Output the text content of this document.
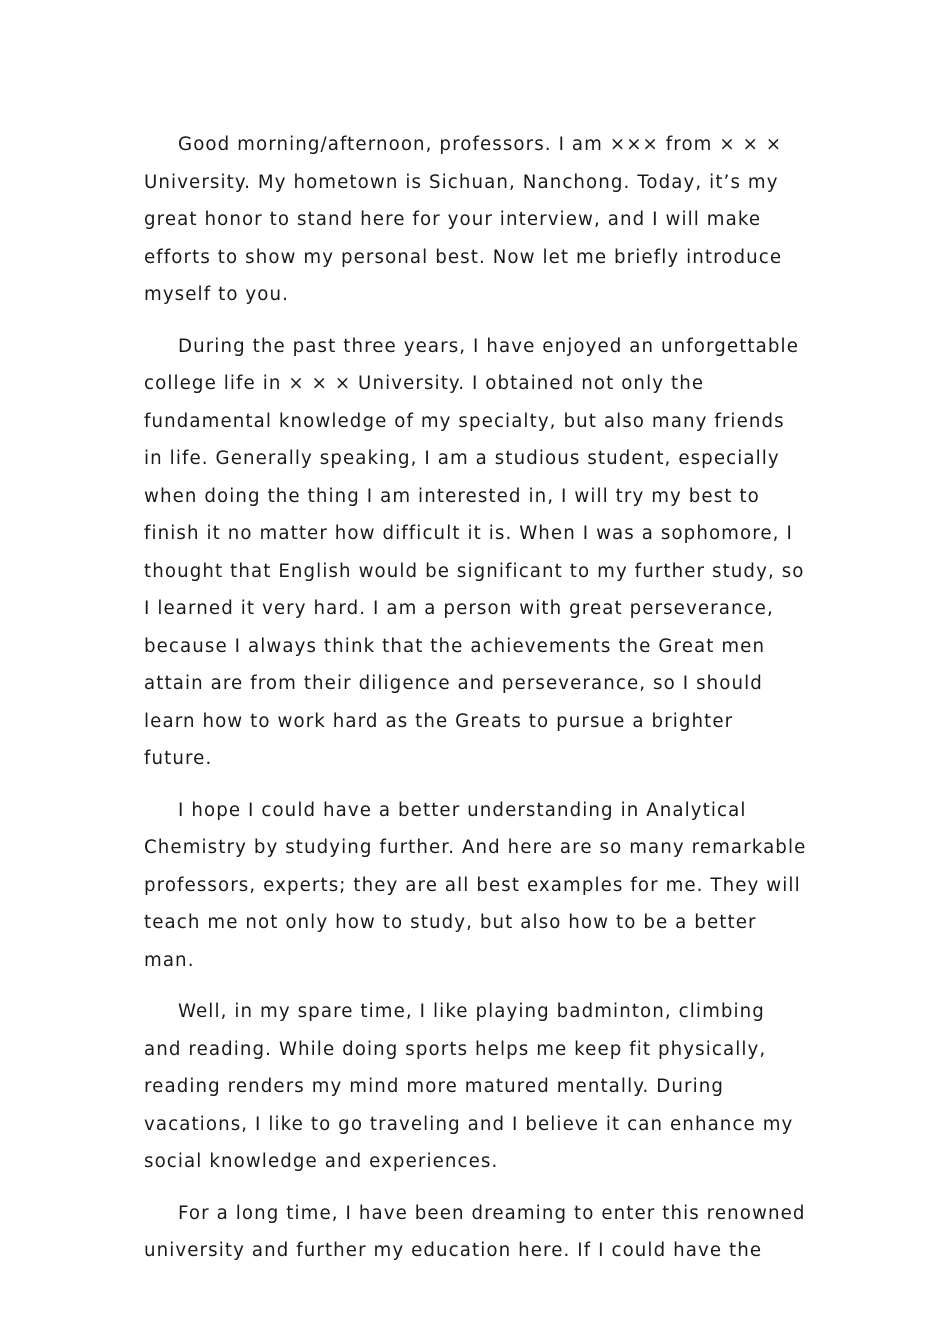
Good morning/afternoon, professors. I am ××× from × × × University. My hometown is Sichuan, Nanchong. Today, it’s my great honor to stand here for your interview, and I will make efforts to show my personal best. Now let me briefly introduce myself to you.

During the past three years, I have enjoyed an unforgettable college life in × × × University. I obtained not only the fundamental knowledge of my specialty, but also many friends in life. Generally speaking, I am a studious student, especially when doing the thing I am interested in, I will try my best to finish it no matter how difficult it is. When I was a sophomore, I thought that English would be significant to my further study, so I learned it very hard. I am a person with great perseverance, because I always think that the achievements the Great men attain are from their diligence and perseverance, so I should learn how to work hard as the Greats to pursue a brighter future.

I hope I could have a better understanding in Analytical Chemistry by studying further. And here are so many remarkable professors, experts; they are all best examples for me. They will teach me not only how to study, but also how to be a better man.

Well, in my spare time, I like playing badminton, climbing and reading. While doing sports helps me keep fit physically, reading renders my mind more matured mentally. During vacations, I like to go traveling and I believe it can enhance my social knowledge and experiences.

For a long time, I have been dreaming to enter this renowned university and further my education here. If I could have the
